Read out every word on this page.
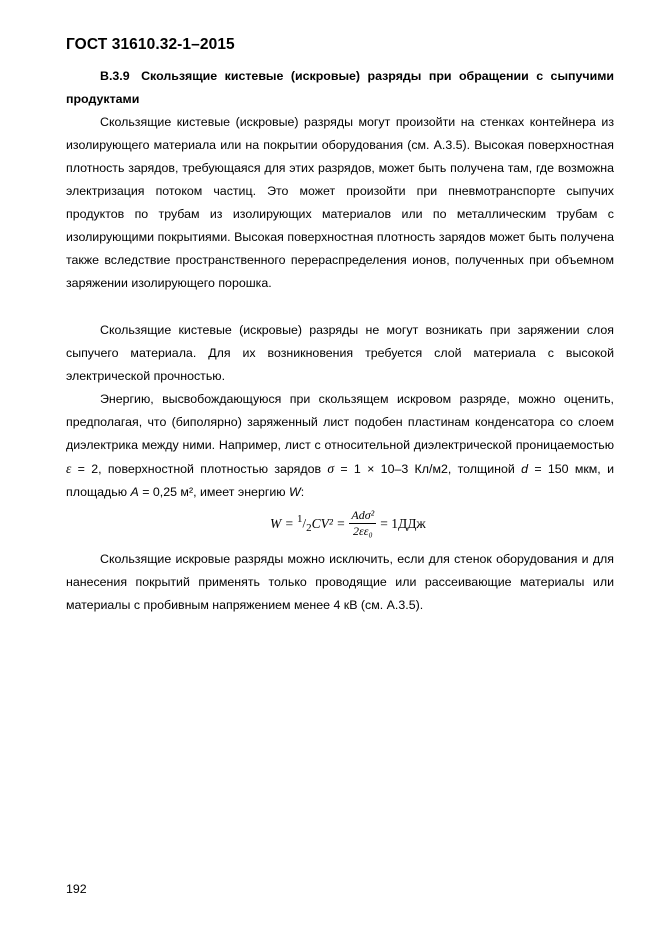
ГОСТ 31610.32-1–2015
В.3.9 Скользящие кистевые (искровые) разряды при обращении с сыпучими продуктами

Скользящие кистевые (искровые) разряды могут произойти на стенках контейнера из изолирующего материала или на покрытии оборудования (см. А.3.5). Высокая поверхностная плотность зарядов, требующаяся для этих разрядов, может быть получена там, где возможна электризация потоком частиц. Это может произойти при пневмотранспорте сыпучих продуктов по трубам из изолирующих материалов или по металлическим трубам с изолирующими покрытиями. Высокая поверхностная плотность зарядов может быть получена также вследствие пространственного перераспределения ионов, полученных при объемном заряжении изолирующего порошка.

Скользящие кистевые (искровые) разряды не могут возникать при заряжении слоя сыпучего материала. Для их возникновения требуется слой материала с высокой электрической прочностью.

Энергию, высвобождающуюся при скользящем искровом разряде, можно оценить, предполагая, что (биполярно) заряженный лист подобен пластинам конденсатора со слоем диэлектрика между ними. Например, лист с относительной диэлектрической проницаемостью ε = 2, поверхностной плотностью зарядов σ = 1 × 10–3 Кл/м2, толщиной d = 150 мкм, и площадью A = 0,25 м², имеет энергию W:

$W = ^1/_2$ $CV^2 = \frac{\text{Adσ²}}{\text{2εε₀}} = 1ДДж$

Скользящие искровые разряды можно исключить, если для стенок оборудования и для нанесения покрытий применять только проводящие или рассеивающие материалы или материалы с пробивным напряжением менее 4 кВ (см. А.3.5).

192
